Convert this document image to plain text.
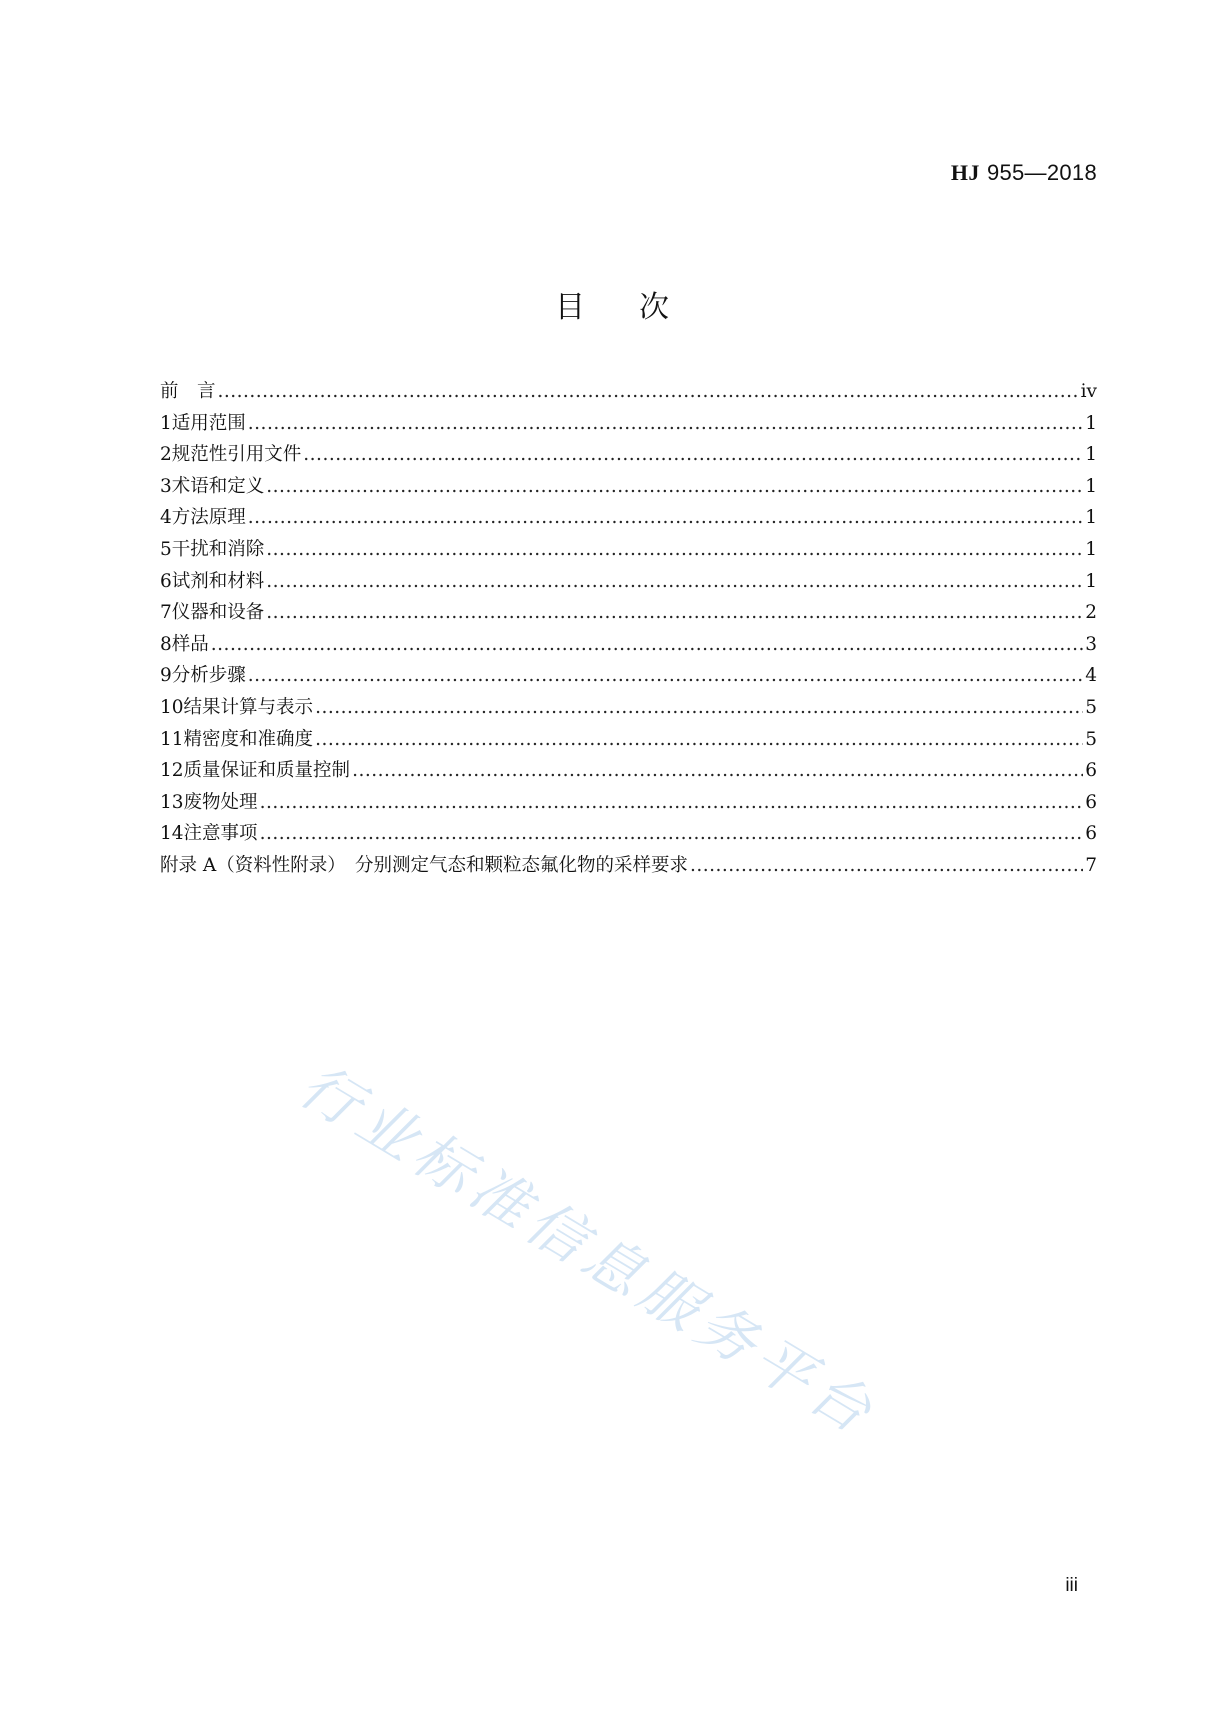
HJ 955—2018
目次
前　言 .....	iv
1 适用范围 .....	1
2 规范性引用文件 .....	1
3 术语和定义 .....	1
4 方法原理 .....	1
5 干扰和消除 .....	1
6 试剂和材料 .....	1
7 仪器和设备 .....	2
8 样品 .....	3
9 分析步骤 .....	4
10 结果计算与表示 .....	5
11 精密度和准确度 .....	5
12 质量保证和质量控制 .....	6
13 废物处理 .....	6
14 注意事项 .....	6
附录 A（资料性附录）　分别测定气态和颗粒态氟化物的采样要求 .....	7
行业标准信息服务平台
iii
